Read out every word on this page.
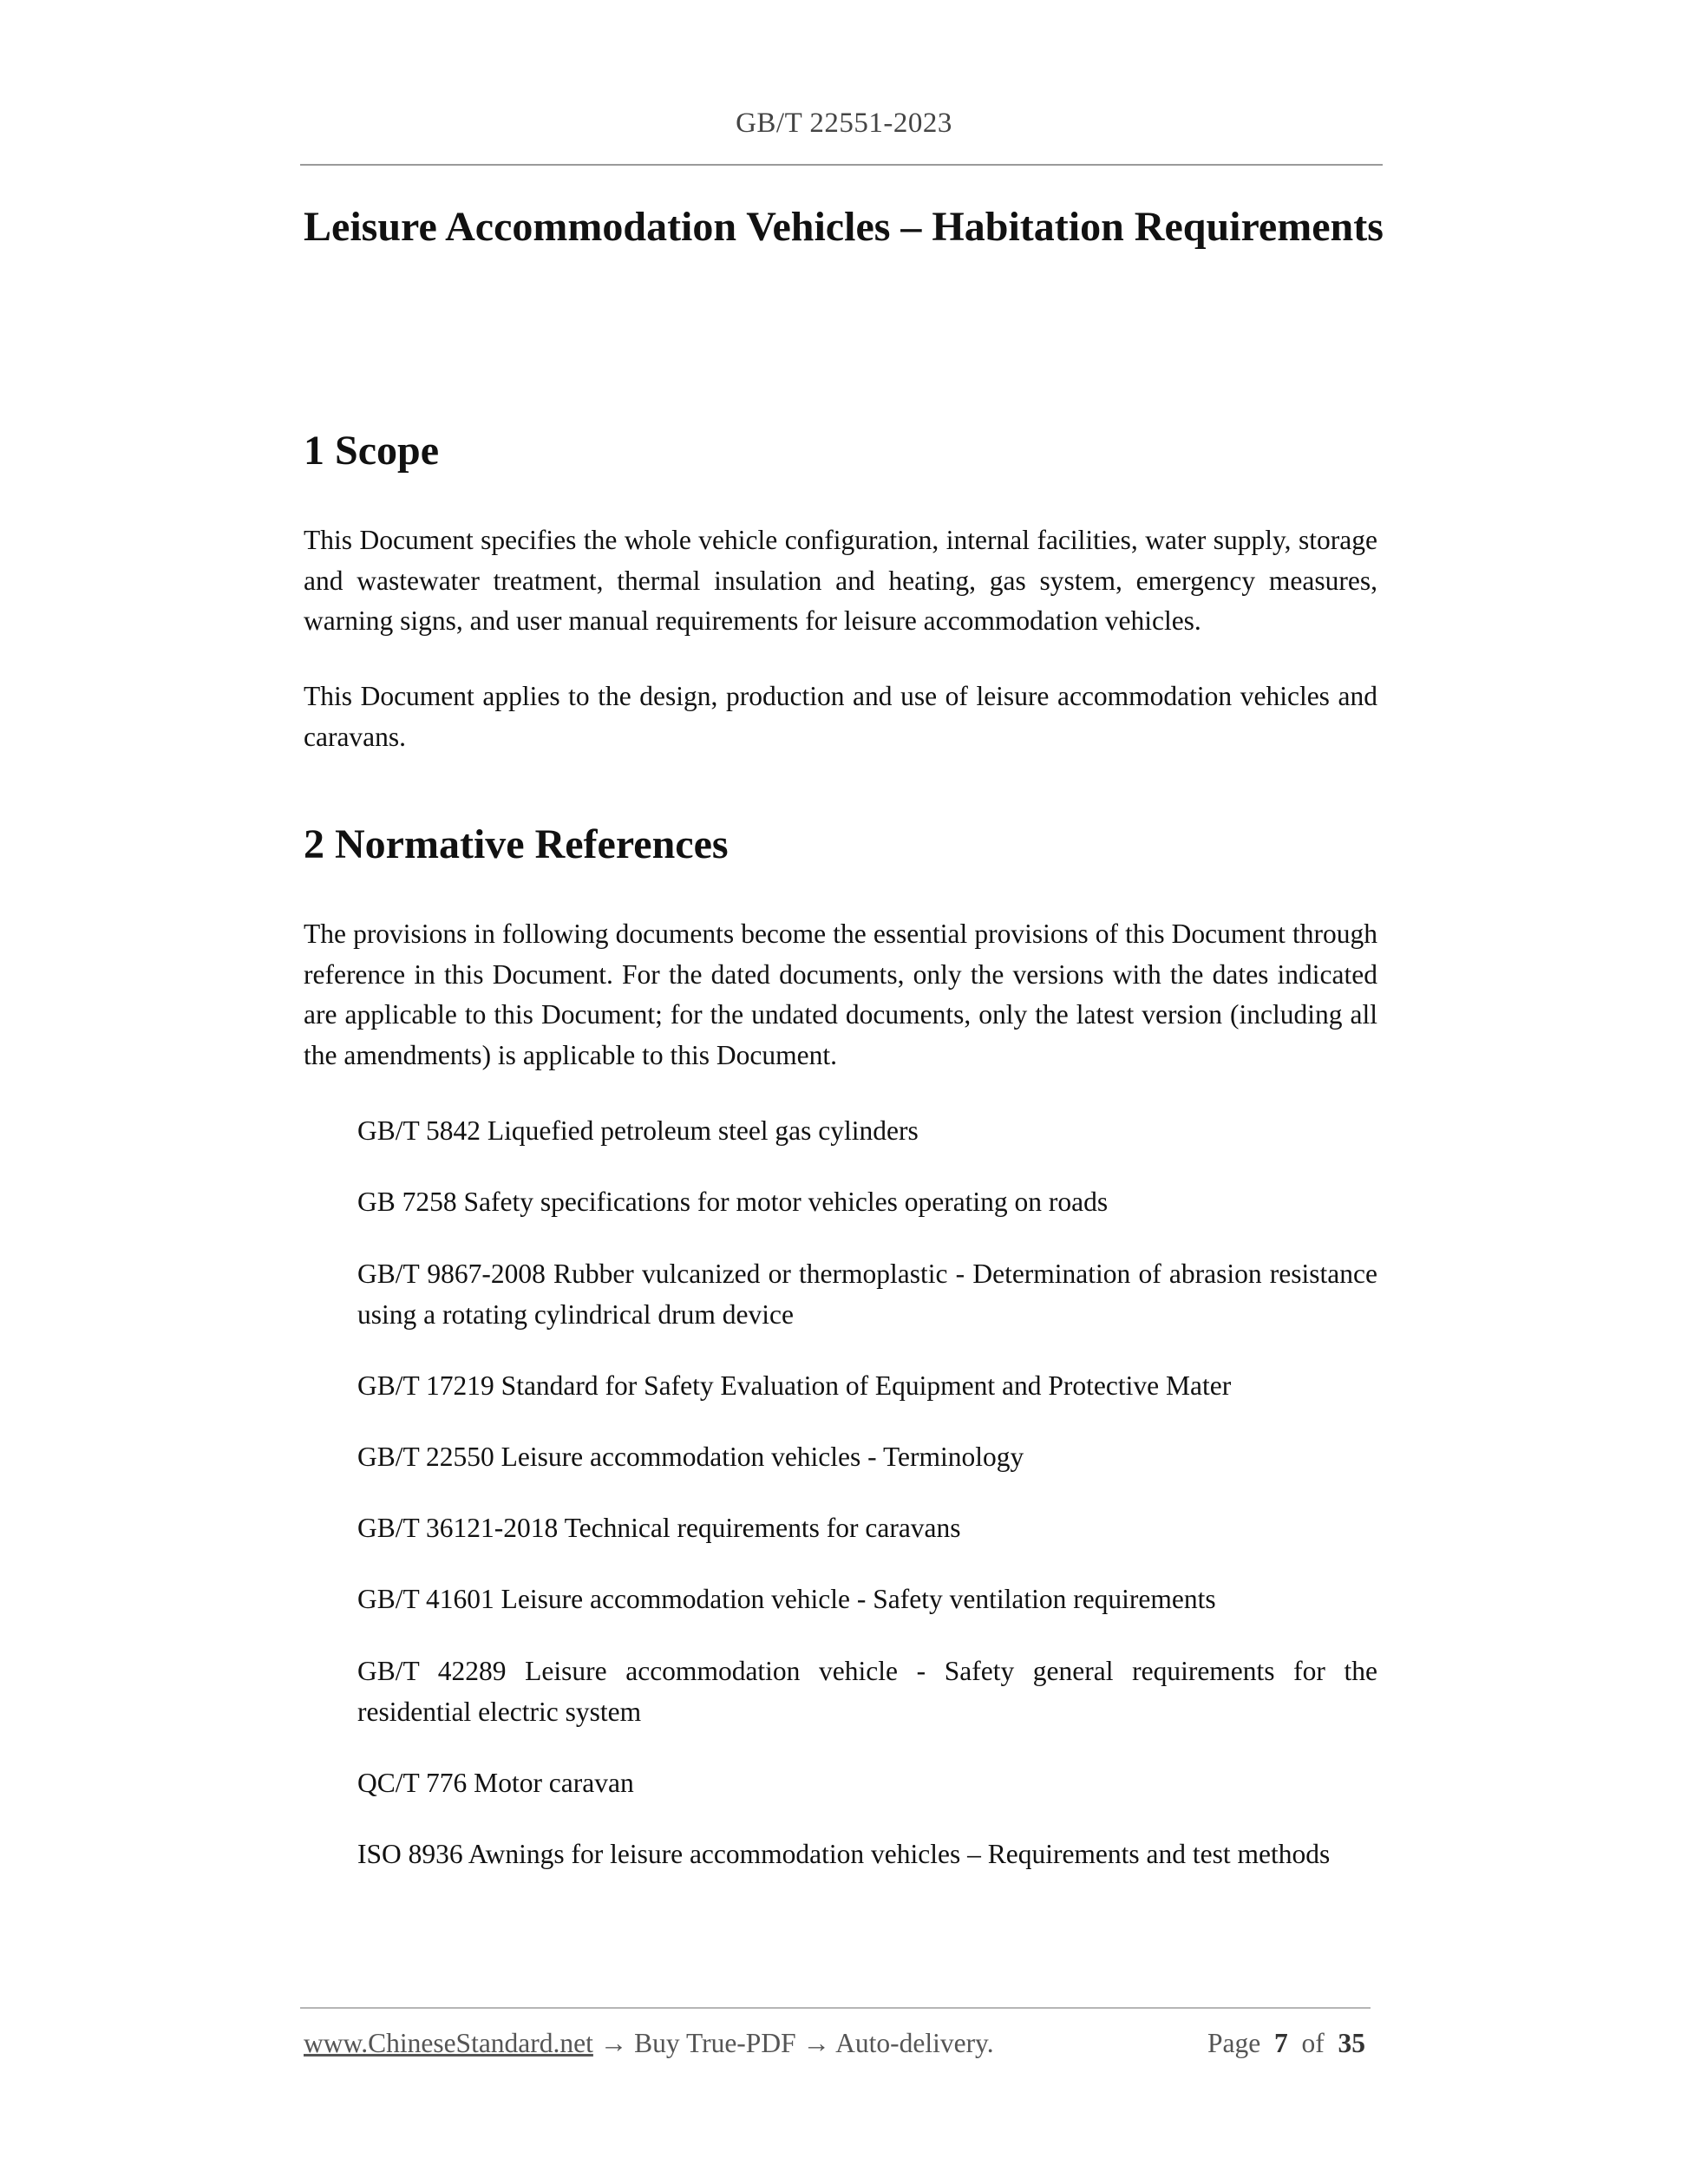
GB/T 22551-2023
Leisure Accommodation Vehicles – Habitation Requirements
1 Scope

This Document specifies the whole vehicle configuration, internal facilities, water supply, storage and wastewater treatment, thermal insulation and heating, gas system, emergency measures, warning signs, and user manual requirements for leisure accommodation vehicles.

This Document applies to the design, production and use of leisure accommodation vehicles and caravans.

2 Normative References

The provisions in following documents become the essential provisions of this Document through reference in this Document. For the dated documents, only the versions with the dates indicated are applicable to this Document; for the undated documents, only the latest version (including all the amendments) is applicable to this Document.

GB/T 5842 Liquefied petroleum steel gas cylinders

GB 7258 Safety specifications for motor vehicles operating on roads

GB/T 9867-2008 Rubber vulcanized or thermoplastic - Determination of abrasion resistance using a rotating cylindrical drum device

GB/T 17219 Standard for Safety Evaluation of Equipment and Protective Mater

GB/T 22550 Leisure accommodation vehicles - Terminology

GB/T 36121-2018 Technical requirements for caravans

GB/T 41601 Leisure accommodation vehicle - Safety ventilation requirements

GB/T 42289 Leisure accommodation vehicle - Safety general requirements for the residential electric system

QC/T 776 Motor caravan

ISO 8936 Awnings for leisure accommodation vehicles – Requirements and test methods

www.ChineseStandard.net → Buy True-PDF → Auto-delivery.	Page 7 of 35
